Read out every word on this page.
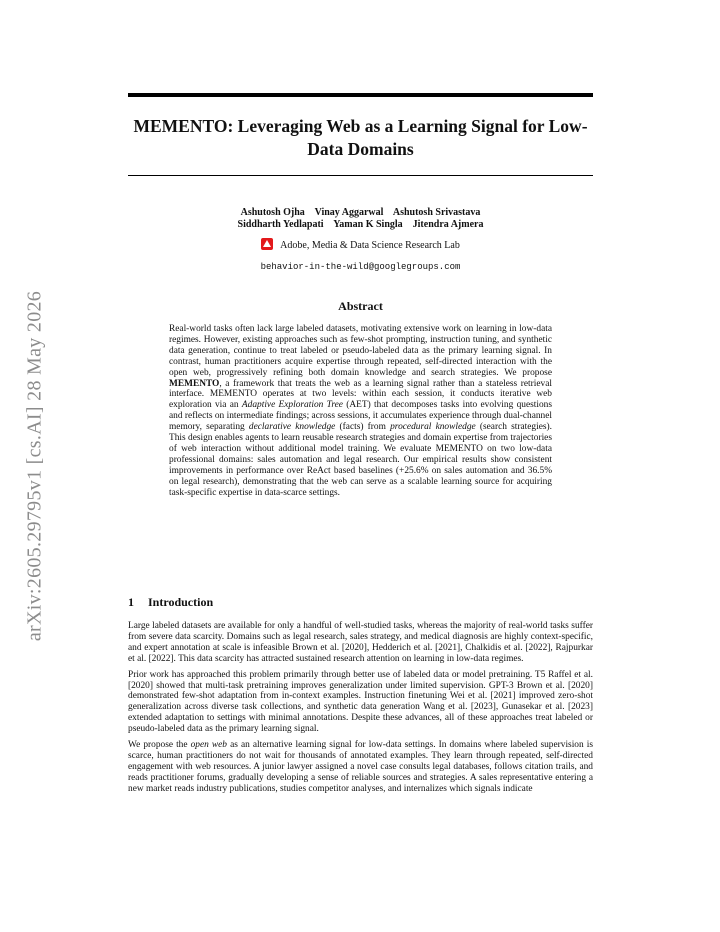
arXiv:2605.29795v1 [cs.AI] 28 May 2026
MEMENTO: Leveraging Web as a Learning Signal for Low-Data Domains
Ashutosh Ojha    Vinay Aggarwal    Ashutosh Srivastava
Siddharth Yedlapati    Yaman K Singla    Jitendra Ajmera
Adobe, Media & Data Science Research Lab
behavior-in-the-wild@googlegroups.com
Abstract

Real-world tasks often lack large labeled datasets, motivating extensive work on learning in low-data regimes. However, existing approaches such as few-shot prompting, instruction tuning, and synthetic data generation, continue to treat labeled or pseudo-labeled data as the primary learning signal. In contrast, human practitioners acquire expertise through repeated, self-directed interaction with the open web, progressively refining both domain knowledge and search strategies. We propose MEMENTO, a framework that treats the web as a learning signal rather than a stateless retrieval interface. MEMENTO operates at two levels: within each session, it conducts iterative web exploration via an Adaptive Exploration Tree (AET) that decomposes tasks into evolving questions and reflects on intermediate findings; across sessions, it accumulates experience through dual-channel memory, separating declarative knowledge (facts) from procedural knowledge (search strategies). This design enables agents to learn reusable research strategies and domain expertise from trajectories of web interaction without additional model training. We evaluate MEMENTO on two low-data professional domains: sales automation and legal research. Our empirical results show consistent improvements in performance over ReAct based baselines (+25.6% on sales automation and 36.5% on legal research), demonstrating that the web can serve as a scalable learning source for acquiring task-specific expertise in data-scarce settings.

1 Introduction

Large labeled datasets are available for only a handful of well-studied tasks, whereas the majority of real-world tasks suffer from severe data scarcity. Domains such as legal research, sales strategy, and medical diagnosis are highly context-specific, and expert annotation at scale is infeasible Brown et al. [2020], Hedderich et al. [2021], Chalkidis et al. [2022], Rajpurkar et al. [2022]. This data scarcity has attracted sustained research attention on learning in low-data regimes.

Prior work has approached this problem primarily through better use of labeled data or model pretraining. T5 Raffel et al. [2020] showed that multi-task pretraining improves generalization under limited supervision. GPT-3 Brown et al. [2020] demonstrated few-shot adaptation from in-context examples. Instruction finetuning Wei et al. [2021] improved zero-shot generalization across diverse task collections, and synthetic data generation Wang et al. [2023], Gunasekar et al. [2023] extended adaptation to settings with minimal annotations. Despite these advances, all of these approaches treat labeled or pseudo-labeled data as the primary learning signal.

We propose the open web as an alternative learning signal for low-data settings. In domains where labeled supervision is scarce, human practitioners do not wait for thousands of annotated examples. They learn through repeated, self-directed engagement with web resources. A junior lawyer assigned a novel case consults legal databases, follows citation trails, and reads practitioner forums, gradually developing a sense of reliable sources and strategies. A sales representative entering a new market reads industry publications, studies competitor analyses, and internalizes which signals indicate
